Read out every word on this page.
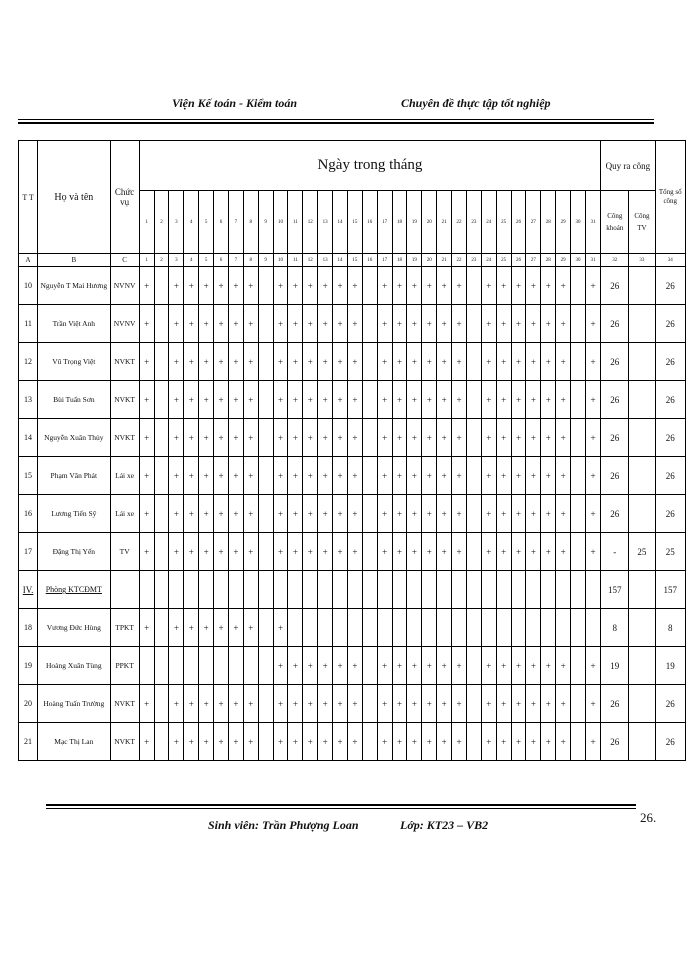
Viện Kế toán - Kiểm toán	Chuyên đề thực tập tốt nghiệp
T T	Họ và tên	Chức vụ	Ngày trong tháng																															Quy ra công		Tổng số công
			1	2	3	4	5	6	7	8	9	10	11	12	13	14	15	16	17	18	19	20	21	22	23	24	25	26	27	28	29	30	31	Công khoán	Công TV	

A	B	C	1	2	3	4	5	6	7	8	9	10	11	12	13	14	15	16	17	18	19	20	21	22	23	24	25	26	27	28	29	30	31	32	33	34
10	Nguyễn T Mai Hương	NVNV	+		+	+	+	+	+	+		+	+	+	+	+	+		+	+	+	+	+	+		+	+	+	+	+	+		+	26		26
11	Trần Việt Anh	NVNV	+		+	+	+	+	+	+		+	+	+	+	+	+		+	+	+	+	+	+		+	+	+	+	+	+		+	26		26
12	Vũ Trọng Việt	NVKT	+		+	+	+	+	+	+		+	+	+	+	+	+		+	+	+	+	+	+		+	+	+	+	+	+		+	26		26
13	Bùi Tuấn Sơn	NVKT	+		+	+	+	+	+	+		+	+	+	+	+	+		+	+	+	+	+	+		+	+	+	+	+	+		+	26		26
14	Nguyễn Xuân Thủy	NVKT	+		+	+	+	+	+	+		+	+	+	+	+	+		+	+	+	+	+	+		+	+	+	+	+	+		+	26		26
15	Phạm Văn Phát	Lái xe	+		+	+	+	+	+	+		+	+	+	+	+	+		+	+	+	+	+	+		+	+	+	+	+	+		+	26		26
16	Lương Tiến Sỹ	Lái xe	+		+	+	+	+	+	+		+	+	+	+	+	+		+	+	+	+	+	+		+	+	+	+	+	+		+	26		26
17	Đặng Thị Yến	TV	+		+	+	+	+	+	+		+	+	+	+	+	+		+	+	+	+	+	+		+	+	+	+	+	+		+	-	25	25
IV.	Phòng KTCĐMT																																	157		157
18	Vương Đức Hùng	TPKT	+		+	+	+	+	+	+		+																						8		8
19	Hoàng Xuân Tùng	PPKT										+	+	+	+	+	+		+	+	+	+	+	+		+	+	+	+	+	+		+	19		19
20	Hoàng Tuấn Trường	NVKT	+		+	+	+	+	+	+		+	+	+	+	+	+		+	+	+	+	+	+		+	+	+	+	+	+		+	26		26
21	Mạc Thị Lan	NVKT	+		+	+	+	+	+	+		+	+	+	+	+	+		+	+	+	+	+	+		+	+	+	+	+	+		+	26		26
Sinh viên: Trần Phượng Loan	Lớp: KT23 – VB2	26.
